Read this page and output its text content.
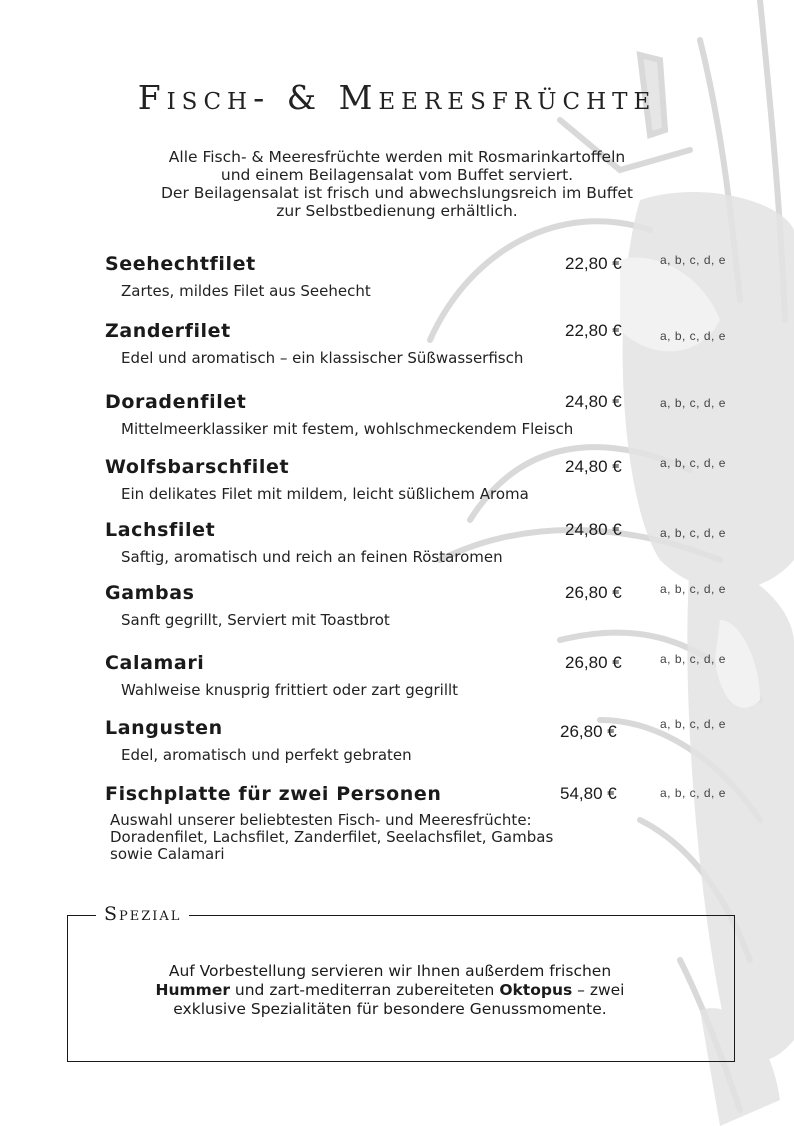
Fisch- & Meeresfrüchte
Alle Fisch- & Meeresfrüchte werden mit Rosmarinkartoffeln
und einem Beilagensalat vom Buffet serviert.
Der Beilagensalat ist frisch und abwechslungsreich im Buffet
zur Selbstbedienung erhältlich.
Seehechtfilet	22,80 €	a, b, c, d, e
Zartes, mildes Filet aus Seehecht
Zanderfilet	22,80 €	a, b, c, d, e
Edel und aromatisch – ein klassischer Süßwasserfisch
Doradenfilet	24,80 €	a, b, c, d, e
Mittelmeerklassiker mit festem, wohlschmeckendem Fleisch
Wolfsbarschfilet	24,80 €	a, b, c, d, e
Ein delikates Filet mit mildem, leicht süßlichem Aroma
Lachsfilet	24,80 €	a, b, c, d, e
Saftig, aromatisch und reich an feinen Röstaromen
Gambas	26,80 €	a, b, c, d, e
Sanft gegrillt, Serviert mit Toastbrot
Calamari	26,80 €	a, b, c, d, e
Wahlweise knusprig frittiert oder zart gegrillt
Langusten	26,80 €	a, b, c, d, e
Edel, aromatisch und perfekt gebraten
Fischplatte für zwei Personen	54,80 €	a, b, c, d, e
Auswahl unserer beliebtesten Fisch- und Meeresfrüchte:
Doradenfilet, Lachsfilet, Zanderfilet, Seelachsfilet, Gambas
sowie Calamari
Spezial
Auf Vorbestellung servieren wir Ihnen außerdem frischen
Hummer und zart-mediterran zubereiteten Oktopus – zwei
exklusive Spezialitäten für besondere Genussmomente.
